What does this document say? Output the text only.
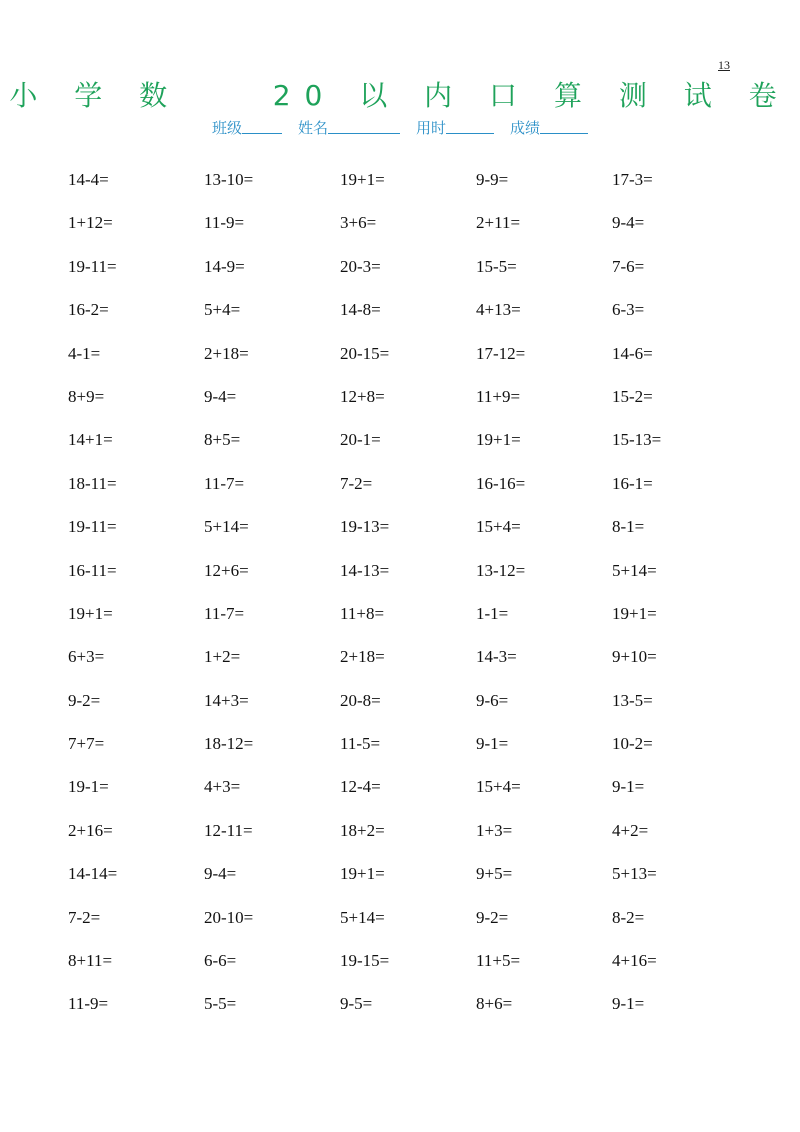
13
小 学 数    20 以 内 口 算 测 试 卷
班级	姓名	用时	成绩
14-4=	13-10=	19+1=	9-9=	17-3=
1+12=	11-9=	3+6=	2+11=	9-4=
19-11=	14-9=	20-3=	15-5=	7-6=
16-2=	5+4=	14-8=	4+13=	6-3=
4-1=	2+18=	20-15=	17-12=	14-6=
8+9=	9-4=	12+8=	11+9=	15-2=
14+1=	8+5=	20-1=	19+1=	15-13=
18-11=	11-7=	7-2=	16-16=	16-1=
19-11=	5+14=	19-13=	15+4=	8-1=
16-11=	12+6=	14-13=	13-12=	5+14=
19+1=	11-7=	11+8=	1-1=	19+1=
6+3=	1+2=	2+18=	14-3=	9+10=
9-2=	14+3=	20-8=	9-6=	13-5=
7+7=	18-12=	11-5=	9-1=	10-2=
19-1=	4+3=	12-4=	15+4=	9-1=
2+16=	12-11=	18+2=	1+3=	4+2=
14-14=	9-4=	19+1=	9+5=	5+13=
7-2=	20-10=	5+14=	9-2=	8-2=
8+11=	6-6=	19-15=	11+5=	4+16=
11-9=	5-5=	9-5=	8+6=	9-1=
